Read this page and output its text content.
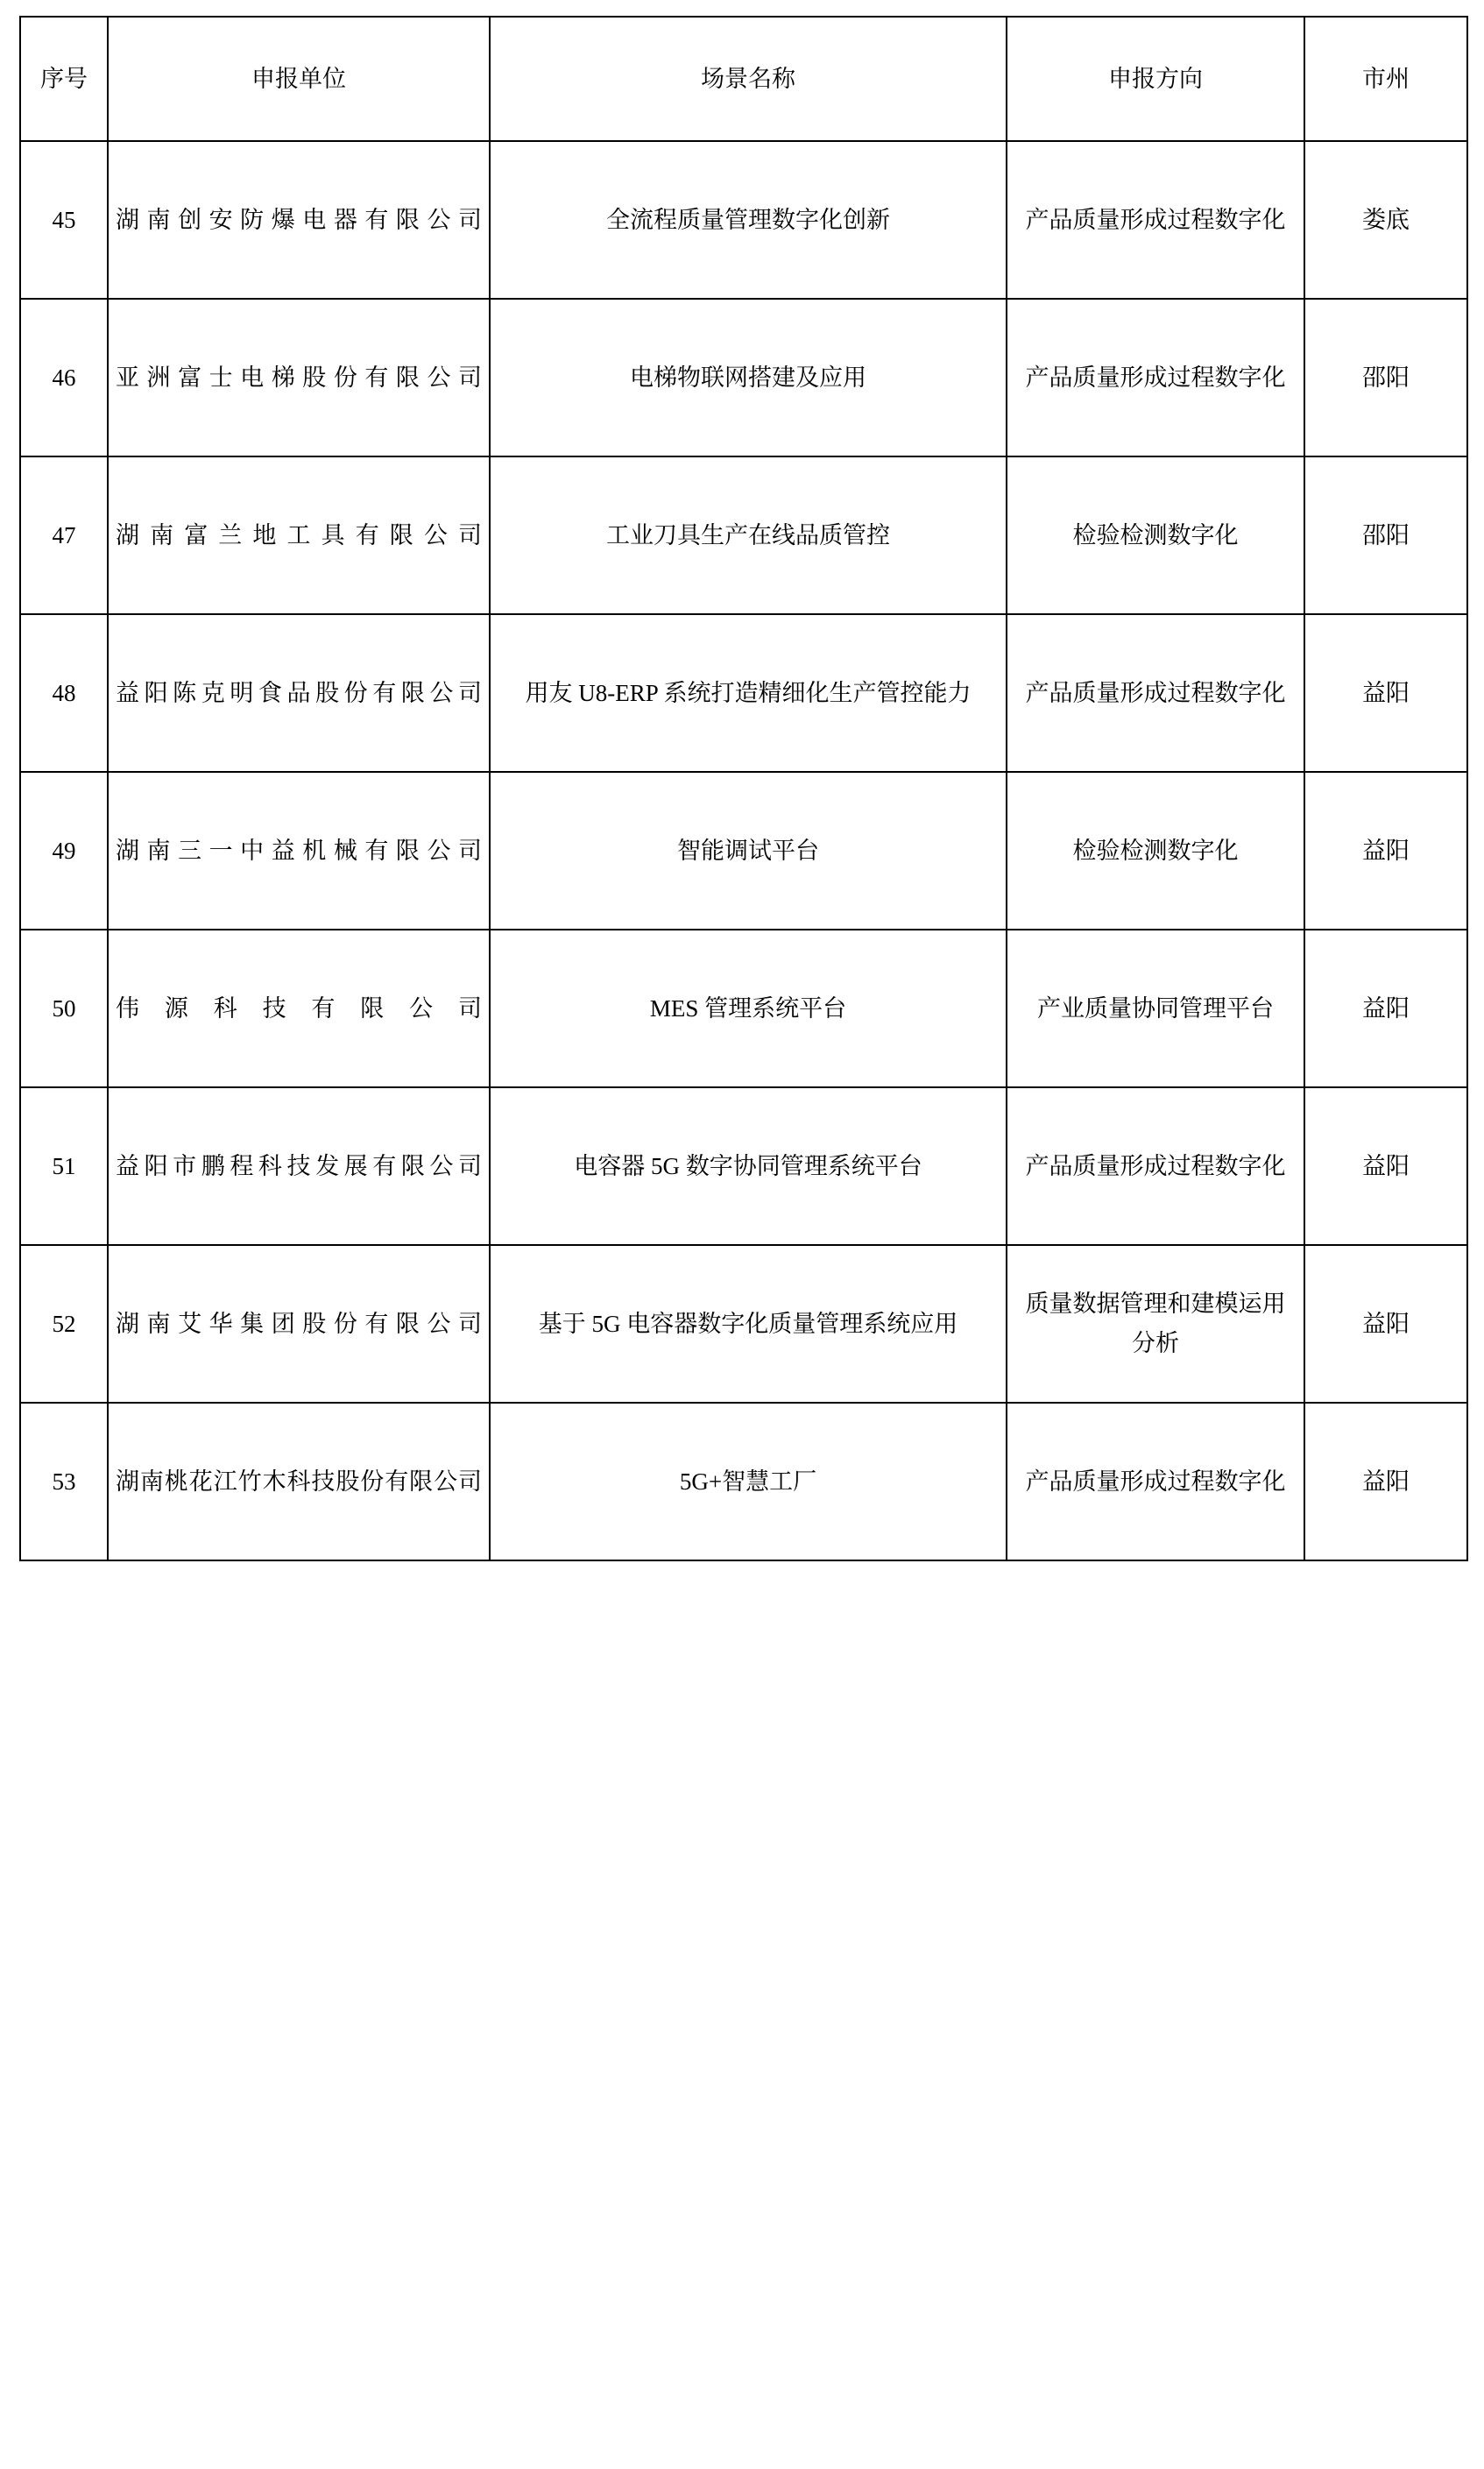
序号	申报单位	场景名称	申报方向	市州
45	湖南创安防爆电器有限公司	全流程质量管理数字化创新	产品质量形成过程数字化	娄底
46	亚洲富士电梯股份有限公司	电梯物联网搭建及应用	产品质量形成过程数字化	邵阳
47	湖南富兰地工具有限公司	工业刀具生产在线品质管控	检验检测数字化	邵阳
48	益阳陈克明食品股份有限公司	用友 U8-ERP 系统打造精细化生产管控能力	产品质量形成过程数字化	益阳
49	湖南三一中益机械有限公司	智能调试平台	检验检测数字化	益阳
50	伟源科技有限公司	MES 管理系统平台	产业质量协同管理平台	益阳
51	益阳市鹏程科技发展有限公司	电容器 5G 数字协同管理系统平台	产品质量形成过程数字化	益阳
52	湖南艾华集团股份有限公司	基于 5G 电容器数字化质量管理系统应用	质量数据管理和建模运用分析	益阳
53	湖南桃花江竹木科技股份有限公司	5G+智慧工厂	产品质量形成过程数字化	益阳
